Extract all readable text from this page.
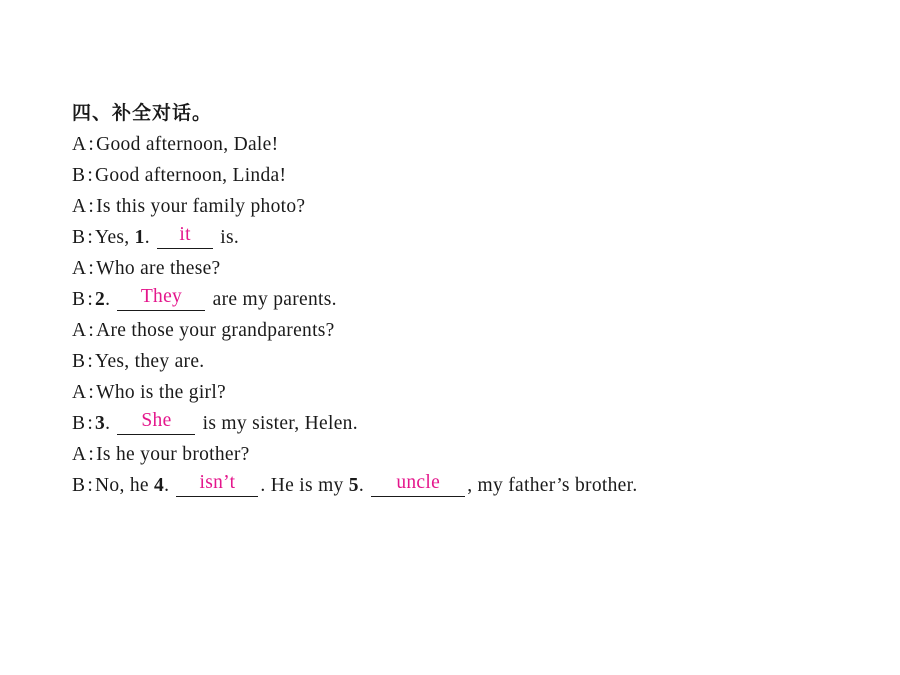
四、补全对话。
A : Good afternoon, Dale!
B : Good afternoon, Linda!
A : Is this your family photo?
B : Yes, 1. it is.
A : Who are these?
B : 2. They are my parents.
A : Are those your grandparents?
B : Yes, they are.
A : Who is the girl?
B : 3. She is my sister, Helen.
A : Is he your brother?
B : No, he 4. isn’t . He is my 5. uncle , my father’s brother.
